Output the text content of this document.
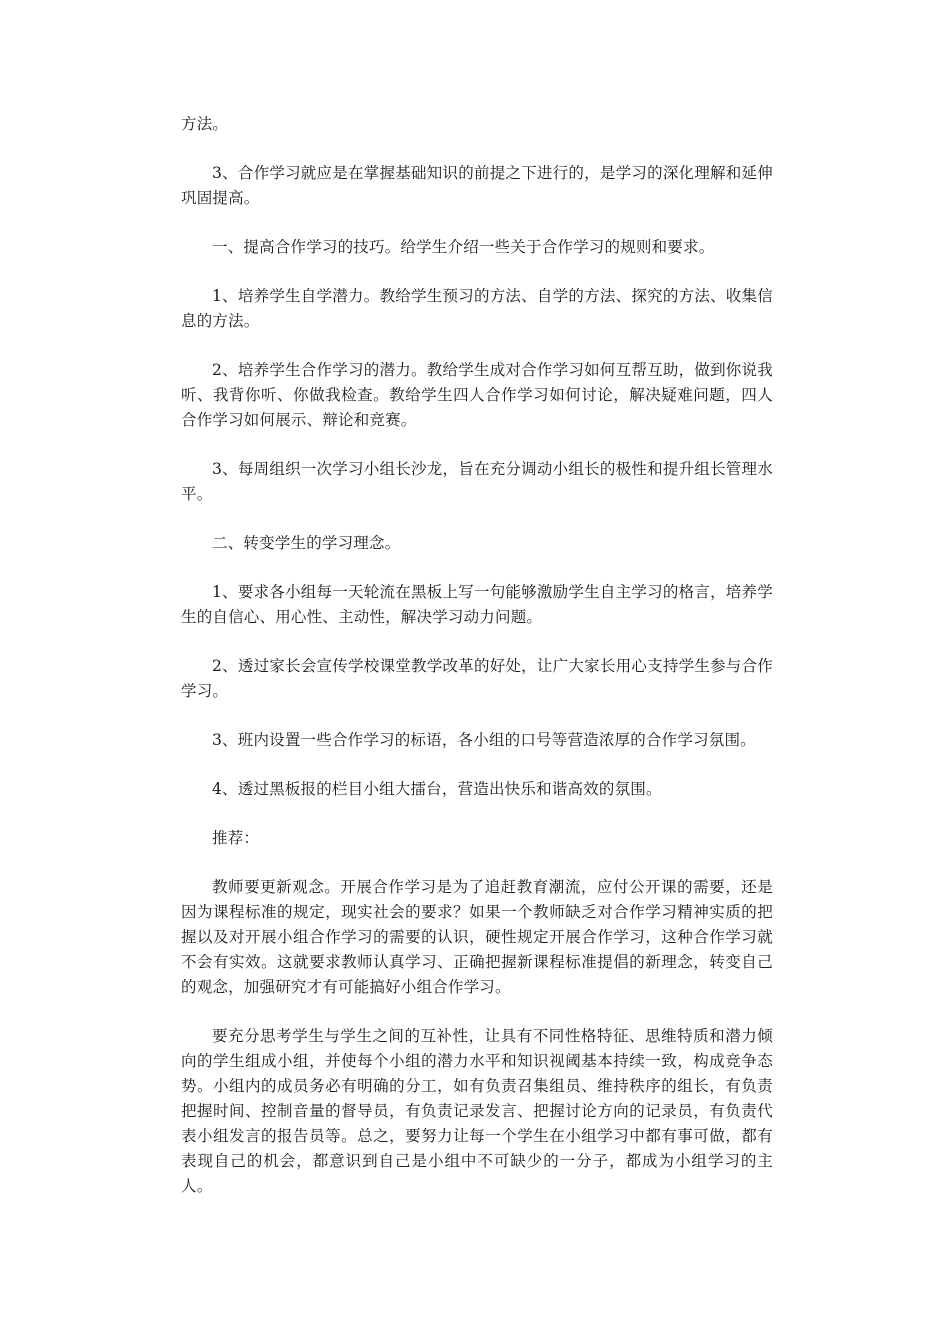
方法。

3、合作学习就应是在掌握基础知识的前提之下进行的，是学习的深化理解和延伸巩固提高。

一、提高合作学习的技巧。给学生介绍一些关于合作学习的规则和要求。

1、培养学生自学潜力。教给学生预习的方法、自学的方法、探究的方法、收集信息的方法。

2、培养学生合作学习的潜力。教给学生成对合作学习如何互帮互助，做到你说我听、我背你听、你做我检查。教给学生四人合作学习如何讨论，解决疑难问题，四人合作学习如何展示、辩论和竞赛。

3、每周组织一次学习小组长沙龙，旨在充分调动小组长的极性和提升组长管理水平。

二、转变学生的学习理念。

1、要求各小组每一天轮流在黑板上写一句能够激励学生自主学习的格言，培养学生的自信心、用心性、主动性，解决学习动力问题。

2、透过家长会宣传学校课堂教学改革的好处，让广大家长用心支持学生参与合作学习。

3、班内设置一些合作学习的标语，各小组的口号等营造浓厚的合作学习氛围。

4、透过黑板报的栏目小组大擂台，营造出快乐和谐高效的氛围。

推荐：

教师要更新观念。开展合作学习是为了追赶教育潮流，应付公开课的需要，还是因为课程标准的规定，现实社会的要求？如果一个教师缺乏对合作学习精神实质的把握以及对开展小组合作学习的需要的认识，硬性规定开展合作学习，这种合作学习就不会有实效。这就要求教师认真学习、正确把握新课程标准提倡的新理念，转变自己的观念，加强研究才有可能搞好小组合作学习。

要充分思考学生与学生之间的互补性，让具有不同性格特征、思维特质和潜力倾向的学生组成小组，并使每个小组的潜力水平和知识视阈基本持续一致，构成竞争态势。小组内的成员务必有明确的分工，如有负责召集组员、维持秩序的组长，有负责把握时间、控制音量的督导员，有负责记录发言、把握讨论方向的记录员，有负责代表小组发言的报告员等。总之，要努力让每一个学生在小组学习中都有事可做，都有表现自己的机会，都意识到自己是小组中不可缺少的一分子，都成为小组学习的主人。
